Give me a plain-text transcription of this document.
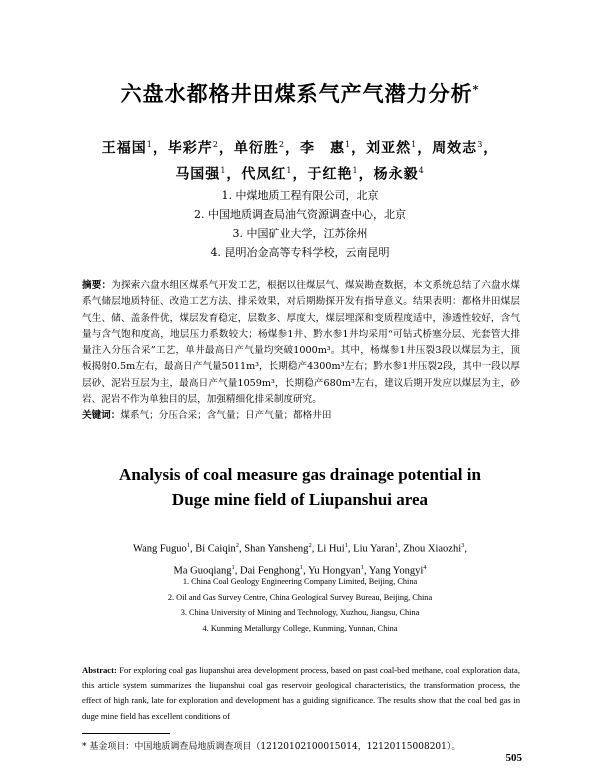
六盘水都格井田煤系气产气潜力分析*
王福国$^1$，毕彩芹$^2$，单衍胜$^2$，李　惠$^1$，刘亚然$^1$，周效志$^3$，
马国强$^1$，代凤红$^1$，于红艳$^1$，杨永毅$^4$
1. 中煤地质工程有限公司，北京
2. 中国地质调查局油气资源调查中心，北京
3. 中国矿业大学，江苏徐州
4. 昆明冶金高等专科学校，云南昆明
摘要：为探索六盘水组区煤系气开发工艺，根据以往煤层气、煤炭勘查数据，本文系统总结了六盘水煤系气储层地质特征、改造工艺方法、排采效果，对后期勘探开发有指导意义。结果表明：都格井田煤层气生、储、盖条件优，煤层发育稳定，层数多、厚度大，煤层埋深和变质程度适中，渗透性较好，含气量与含气饱和度高，地层压力系数较大；杨煤参1井、黔水参1井均采用“可钻式桥塞分层、光套管大排量注入分压合采”工艺，单井最高日产气量均突破1000m³。其中，杨煤参1井压裂3段以煤层为主，顶板揭射0.5m左右，最高日产气量5011m³，长期稳产4300m³左右；黔水参1井压裂2段，其中一段以厚层砂、泥岩互层为主，最高日产气量1059m³，长期稳产680m³左右，建议后期开发应以煤层为主，砂岩、泥岩不作为单独目的层，加强精细化排采制度研究。
关键词：煤系气；分压合采；含气量；日产气量；都格井田
Analysis of coal measure gas drainage potential in
Duge mine field of Liupanshui area
Wang Fuguo$^1$, Bi Caiqin$^2$, Shan Yansheng$^2$, Li Hui$^1$, Liu Yaran$^1$, Zhou Xiaozhi$^3$,
Ma Guoqiang$^1$, Dai Fenghong$^1$, Yu Hongyan$^1$, Yang Yongyi$^4$
1. China Coal Geology Engineering Company Limited, Beijing, China
2. Oil and Gas Survey Centre, China Geological Survey Bureau, Beijing, China
3. China University of Mining and Technology, Xuzhou, Jiangsu, China
4. Kunming Metallurgy College, Kunming, Yunnan, China
Abstract: For exploring coal gas liupanshui area development process, based on past coal-bed methane, coal exploration data, this article system summarizes the liupanshui coal gas reservoir geological characteristics, the transformation process, the effect of high rank, late for exploration and development has a guiding significance. The results show that the coal bed gas in duge mine field has excellent conditions of
* 基金项目：中国地质调查局地质调查项目（12120102100015014，12120115008201）。
505
